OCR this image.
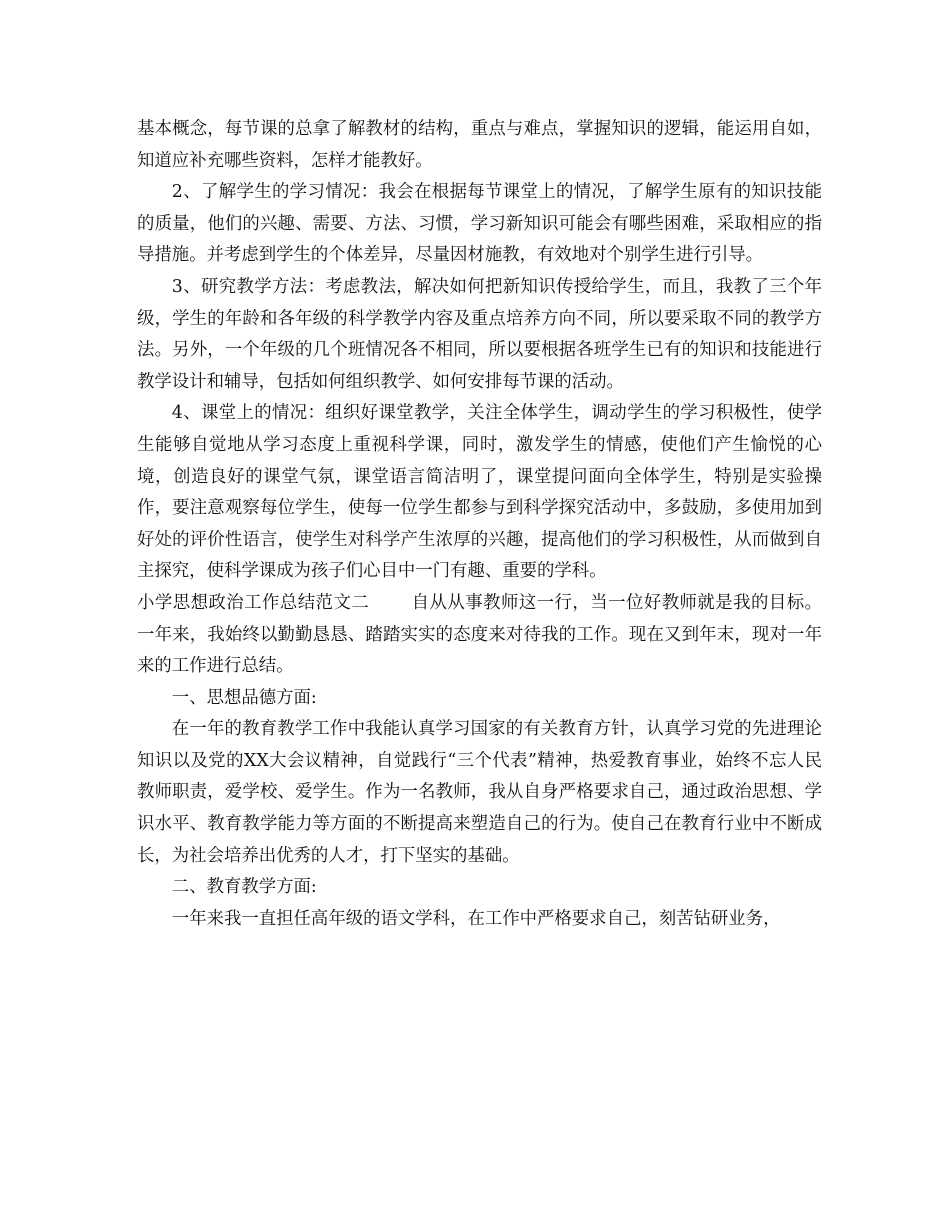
基本概念，每节课的总拿了解教材的结构，重点与难点，掌握知识的逻辑，能运用自如，知道应补充哪些资料，怎样才能教好。

2、了解学生的学习情况：我会在根据每节课堂上的情况，了解学生原有的知识技能的质量，他们的兴趣、需要、方法、习惯，学习新知识可能会有哪些困难，采取相应的指导措施。并考虑到学生的个体差异，尽量因材施教，有效地对个别学生进行引导。

3、研究教学方法：考虑教法，解决如何把新知识传授给学生，而且，我教了三个年级，学生的年龄和各年级的科学教学内容及重点培养方向不同，所以要采取不同的教学方法。另外，一个年级的几个班情况各不相同，所以要根据各班学生已有的知识和技能进行教学设计和辅导，包括如何组织教学、如何安排每节课的活动。

4、课堂上的情况：组织好课堂教学，关注全体学生，调动学生的学习积极性，使学生能够自觉地从学习态度上重视科学课，同时，激发学生的情感，使他们产生愉悦的心境，创造良好的课堂气氛，课堂语言简洁明了，课堂提问面向全体学生，特别是实验操作，要注意观察每位学生，使每一位学生都参与到科学探究活动中，多鼓励，多使用加到好处的评价性语言，使学生对科学产生浓厚的兴趣，提高他们的学习积极性，从而做到自主探究，使科学课成为孩子们心目中一门有趣、重要的学科。

小学思想政治工作总结范文二 自从从事教师这一行，当一位好教师就是我的目标。一年来，我始终以勤勤恳恳、踏踏实实的态度来对待我的工作。现在又到年末，现对一年来的工作进行总结。

一、思想品德方面:

在一年的教育教学工作中我能认真学习国家的有关教育方针，认真学习党的先进理论知识以及党的XX大会议精神，自觉践行“三个代表”精神，热爱教育事业，始终不忘人民教师职责，爱学校、爱学生。作为一名教师，我从自身严格要求自己，通过政治思想、学识水平、教育教学能力等方面的不断提高来塑造自己的行为。使自己在教育行业中不断成长，为社会培养出优秀的人才，打下坚实的基础。

二、教育教学方面:

一年来我一直担任高年级的语文学科，在工作中严格要求自己，刻苦钻研业务，
